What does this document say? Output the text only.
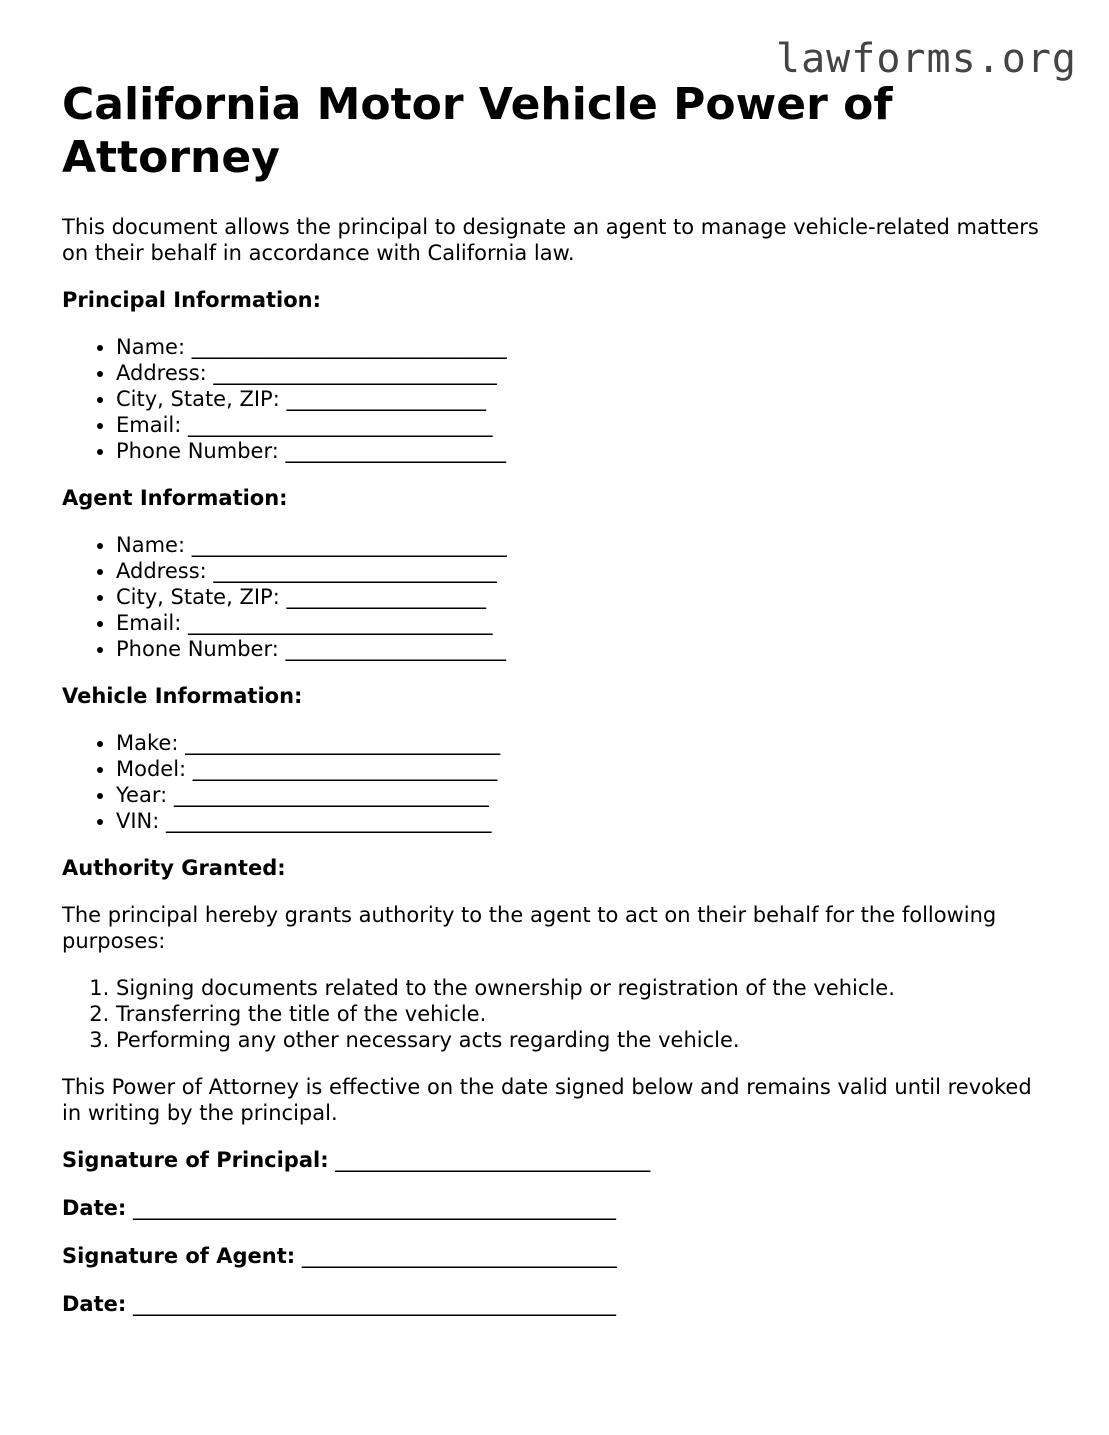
lawforms.org
California Motor Vehicle Power of Attorney

This document allows the principal to designate an agent to manage vehicle-related matters on their behalf in accordance with California law.

Principal Information:
• Name: ______________________________
• Address: ___________________________
• City, State, ZIP: ___________________
• Email: _____________________________
• Phone Number: _____________________
Agent Information:
• Name: ______________________________
• Address: ___________________________
• City, State, ZIP: ___________________
• Email: _____________________________
• Phone Number: _____________________
Vehicle Information:
• Make: ______________________________
• Model: _____________________________
• Year: ______________________________
• VIN: _______________________________
Authority Granted:

The principal hereby grants authority to the agent to act on their behalf for the following purposes:

1. Signing documents related to the ownership or registration of the vehicle.
2. Transferring the title of the vehicle.
3. Performing any other necessary acts regarding the vehicle.

This Power of Attorney is effective on the date signed below and remains valid until revoked in writing by the principal.

Signature of Principal: ______________________________
Date: ______________________________________________
Signature of Agent: ______________________________
Date: ______________________________________________
